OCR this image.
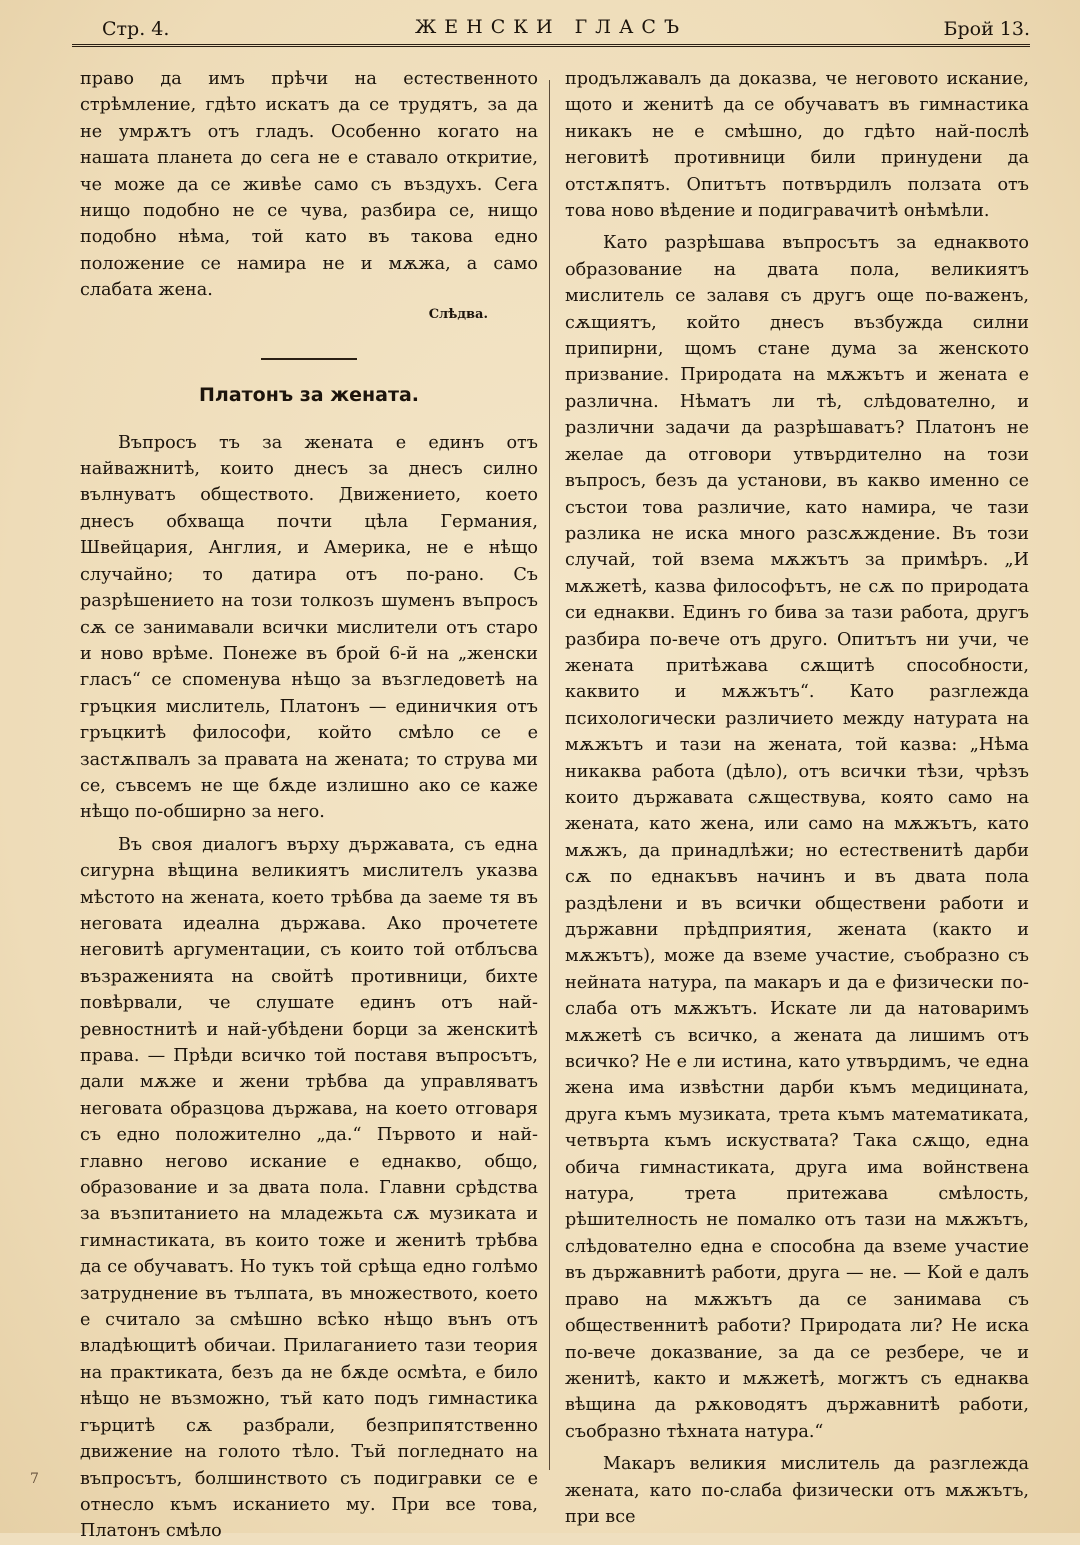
Стр. 4.	ЖЕНСКИ ГЛАСЪ	Брой 13.

право да имъ прѣчи на естественното стрѣмление, гдѣто искатъ да се трудятъ, за да не умрѫтъ отъ гладъ. Особенно когато на нашата планета до сега не е ставало откритие, че може да се живѣе само съ въздухъ. Сега нищо подобно не се чува, разбира се, нищо подобно нѣма, той като въ такова едно положение се намира не и мѫжа, а само слабата жена.

Слѣдва.

Платонъ за жената.

Въпросъ тъ за жената е единъ отъ найважнитѣ, които днесъ за днесъ силно вълнуватъ обществото. Движението, което днесъ обхваща почти цѣла Германия, Швейцария, Англия, и Америка, не е нѣщо случайно; то датира отъ по-рано. Съ разрѣшението на този толкозъ шуменъ въпросъ сѫ се занимавали всички мислители отъ старо и ново врѣме. Понеже въ брой 6-й на „женски гласъ“ се споменува нѣщо за възгледоветѣ на гръцкия мислитель, Платонъ — единичкия отъ гръцкитѣ философи, който смѣло се е застѫпвалъ за правата на жената; то струва ми се, съвсемъ не ще бѫде излишно ако се каже нѣщо по-обширно за него.

Въ своя диалогъ върху държавата, съ една сигурна вѣщина великиятъ мислителъ указва мѣстото на жената, което трѣбва да заеме тя въ неговата идеална държава. Ако прочетете неговитѣ аргументации, съ които той отблъсва възраженията на свойтѣ противници, бихте повѣрвали, че слушате единъ отъ най-ревностнитѣ и най-убѣдени борци за женскитѣ права. — Прѣди всичко той поставя въпросътъ, дали мѫже и жени трѣбва да управляватъ неговата образцова държава, на което отговаря съ едно положително „да.“ Първото и най-главно негово искание е еднакво, общо, образование и за двата пола. Главни срѣдства за възпитанието на младежьта сѫ музиката и гимнастиката, въ които тоже и женитѣ трѣбва да се обучаватъ. Но тукъ той срѣща едно голѣмо затруднение въ тълпата, въ множеството, което е считало за смѣшно всѣко нѣщо вънъ отъ владѣющитѣ обичаи. Прилаганието тази теория на практиката, безъ да не бѫде осмѣта, е било нѣщо не възможно, тъй като подъ гимнастика гърцитѣ сѫ разбрали, безприпятственно движение на голото тѣло. Тъй погледнато на въпросътъ, болшинството съ подигравки се е отнесло къмъ исканието му. При все това, Платонъ смѣло

продължавалъ да доказва, че неговото искание, щото и женитѣ да се обучаватъ въ гимнастика никакъ не е смѣшно, до гдѣто най-послѣ неговитѣ противници били принудени да отстѫпятъ. Опитътъ потвърдилъ ползата отъ това ново вѣдение и подигравачитѣ онѣмѣли.

Като разрѣшава въпросътъ за еднаквото образование на двата пола, великиятъ мислитель се залавя съ другъ още по-важенъ, сѫщиятъ, който днесъ възбужда силни припирни, щомъ стане дума за женското призвание. Природата на мѫжътъ и жената е различна. Нѣматъ ли тѣ, слѣдователно, и различни задачи да разрѣшаватъ? Платонъ не желае да отговори утвърдително на този въпросъ, безъ да установи, въ какво именно се състои това различие, като намира, че тази разлика не иска много разсѫждение. Въ този случай, той взема мѫжътъ за примѣръ. „И мѫжетѣ, казва философътъ, не сѫ по природата си еднакви. Единъ го бива за тази работа, другъ разбира по-вече отъ друго. Опитътъ ни учи, че жената притѣжава сѫщитѣ способности, каквито и мѫжътъ“. Като разглежда психологически различието между натурата на мѫжътъ и тази на жената, той казва: „Нѣма никаква работа (дѣло), отъ всички тѣзи, чрѣзъ които държавата сѫществува, която само на жената, като жена, или само на мѫжътъ, като мѫжъ, да принадлѣжи; но естественитѣ дарби сѫ по еднакъвъ начинъ и въ двата пола раздѣлени и въ всички обществени работи и държавни прѣдприятия, жената (както и мѫжътъ), може да вземе участие, съобразно съ нейната натура, па макаръ и да е физически по-слаба отъ мѫжътъ. Искате ли да натоваримъ мѫжетѣ съ всичко, а жената да лишимъ отъ всичко? Не е ли истина, като утвърдимъ, че една жена има извѣстни дарби къмъ медицината, друга къмъ музиката, трета къмъ математиката, четвърта къмъ искуствата? Така сѫщо, една обича гимнастиката, друга има войнствена натура, трета притежава смѣлость, рѣшителность не помалко отъ тази на мѫжътъ, слѣдователно една е способна да вземе участие въ държавнитѣ работи, друга — не. — Кой е далъ право на мѫжътъ да се занимава съ общественнитѣ работи? Природата ли? Не иска по-вече доказвание, за да се резбере, че и женитѣ, както и мѫжетѣ, могжтъ съ еднаква вѣщина да рѫководятъ държавнитѣ работи, съобразно тѣхната натура.“

Макаръ великия мислитель да разглежда жената, като по-слаба физически отъ мѫжътъ, при все

7
